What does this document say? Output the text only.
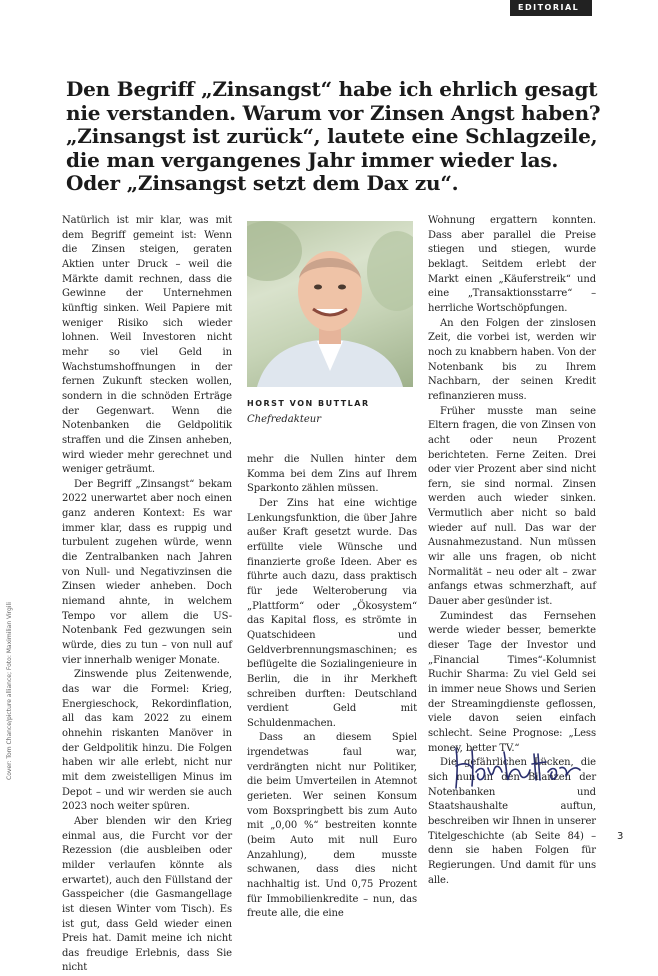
EDITORIAL
Den Begriff „Zinsangst“ habe ich ehrlich gesagt nie verstanden. Warum vor Zinsen Angst haben? „Zinsangst ist zurück“, lautete eine Schlagzeile, die man vergangenes Jahr immer wieder las. Oder „Zinsangst setzt dem Dax zu“.

Natürlich ist mir klar, was mit dem Begriff gemeint ist: Wenn die Zinsen steigen, geraten Aktien unter Druck – weil die Märkte damit rechnen, dass die Gewinne der Unternehmen künftig sinken. Weil Papiere mit weniger Risiko sich wieder lohnen. Weil Investoren nicht mehr so viel Geld in Wachstumshoffnungen in der fernen Zukunft stecken wollen, sondern in die schnöden Erträge der Gegenwart. Wenn die Notenbanken die Geldpolitik straffen und die Zinsen anheben, wird wieder mehr gerechnet und weniger geträumt.

Der Begriff „Zinsangst“ bekam 2022 unerwartet aber noch einen ganz anderen Kontext: Es war immer klar, dass es ruppig und turbulent zugehen würde, wenn die Zentralbanken nach Jahren von Null- und Negativzinsen die Zinsen wieder anheben. Doch niemand ahnte, in welchem Tempo vor allem die US-Notenbank Fed gezwungen sein würde, dies zu tun – von null auf vier innerhalb weniger Monate.

Zinswende plus Zeitenwende, das war die Formel: Krieg, Energieschock, Rekordinflation, all das kam 2022 zu einem ohnehin riskanten Manöver in der Geldpolitik hinzu. Die Folgen haben wir alle erlebt, nicht nur mit dem zweistelligen Minus im Depot – und wir werden sie auch 2023 noch weiter spüren.

Aber blenden wir den Krieg einmal aus, die Furcht vor der Rezession (die ausbleiben oder milder verlaufen könnte als erwartet), auch den Füllstand der Gasspeicher (die Gasmangellage ist diesen Winter vom Tisch). Es ist gut, dass Geld wieder einen Preis hat. Damit meine ich nicht das freudige Erlebnis, dass Sie nicht

HORST VON BUTTLAR
Chefredakteur

mehr die Nullen hinter dem Komma bei dem Zins auf Ihrem Sparkonto zählen müssen.

Der Zins hat eine wichtige Lenkungsfunktion, die über Jahre außer Kraft gesetzt wurde. Das erfüllte viele Wünsche und finanzierte große Ideen. Aber es führte auch dazu, dass praktisch für jede Welteroberung via „Plattform“ oder „Ökosystem“ das Kapital floss, es strömte in Quatschideen und Geldverbrennungsmaschinen; es beflügelte die Sozialingenieure in Berlin, die in ihr Merkheft schreiben durften: Deutschland verdient Geld mit Schuldenmachen.

Dass an diesem Spiel irgendetwas faul war, verdrängten nicht nur Politiker, die beim Umverteilen in Atemnot gerieten. Wer seinen Konsum vom Boxspringbett bis zum Auto mit „0,00 %“ bestreiten konnte (beim Auto mit null Euro Anzahlung), dem musste schwanen, dass dies nicht nachhaltig ist. Und 0,75 Prozent für Immobilienkredite – nun, das freute alle, die eine

Wohnung ergattern konnten. Dass aber parallel die Preise stiegen und stiegen, wurde beklagt. Seitdem erlebt der Markt einen „Käuferstreik“ und eine „Transaktionsstarre“ – herrliche Wortschöpfungen.

An den Folgen der zinslosen Zeit, die vorbei ist, werden wir noch zu knabbern haben. Von der Notenbank bis zu Ihrem Nachbarn, der seinen Kredit refinanzieren muss.

Früher musste man seine Eltern fragen, die von Zinsen von acht oder neun Prozent berichteten. Ferne Zeiten. Drei oder vier Prozent aber sind nicht fern, sie sind normal. Zinsen werden auch wieder sinken. Vermutlich aber nicht so bald wieder auf null. Das war der Ausnahmezustand. Nun müssen wir alle uns fragen, ob nicht Normalität – neu oder alt – zwar anfangs etwas schmerzhaft, auf Dauer aber gesünder ist.

Zumindest das Fernsehen werde wieder besser, bemerkte dieser Tage der Investor und „Financial Times“-Kolumnist Ruchir Sharma: Zu viel Geld sei in immer neue Shows und Serien der Streamingdienste geflossen, viele davon seien einfach schlecht. Seine Prognose: „Less money, better TV.“

Die gefährlichen Lücken, die sich nun in den Bilanzen der Notenbanken und Staatshaushalte auftun, beschreiben wir Ihnen in unserer Titelgeschichte (ab Seite 84) – denn sie haben Folgen für Regierungen. Und damit für uns alle.

Cover: Tom Chance/picture alliance; Foto: Maximilian Virgili
3
